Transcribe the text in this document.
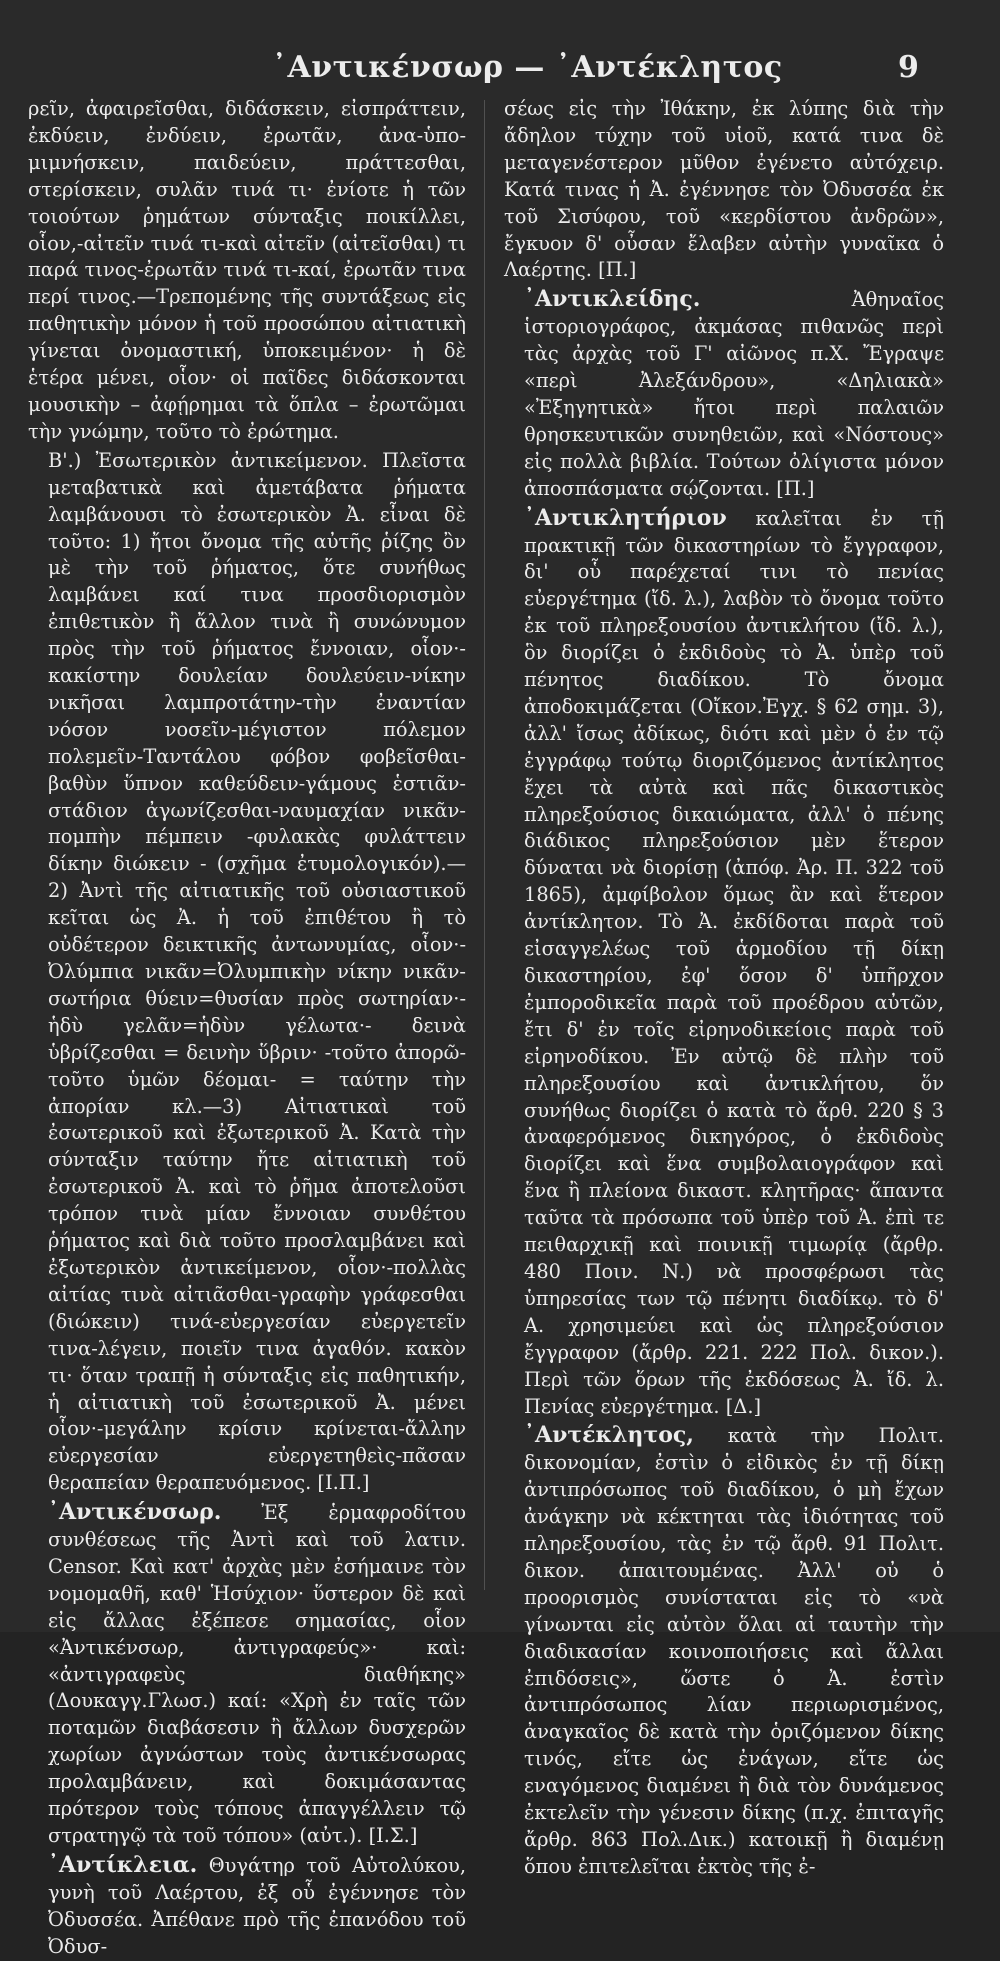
᾽Αντικένσωρ — ᾽Αντέκλητος	9

ρεῖν, ἀφαιρεῖσθαι, διδάσκειν, εἰσπράττειν, ἐκδύειν, ἐνδύειν, ἐρωτᾶν, ἀνα-ὑπο-μιμνήσκειν, παιδεύειν, πράττεσθαι, στερίσκειν, συλᾶν τινά τι· ἐνίοτε ἡ τῶν τοιούτων ῥημάτων σύνταξις ποικίλλει, οἷον,-αἰτεῖν τινά τι-καὶ αἰτεῖν (αἰτεῖσθαι) τι παρά τινος-ἐρωτᾶν τινά τι-καί, ἐρωτᾶν τινα περί τινος.—Τρεπομένης τῆς συντάξεως εἰς παθητικὴν μόνον ἡ τοῦ προσώπου αἰτιατικὴ γίνεται ὀνομαστική, ὑποκειμένον· ἡ δὲ ἑτέρα μένει, οἷον· οἱ παῖδες διδάσκονται μουσικὴν – ἀφῄρημαι τὰ ὅπλα – ἐρωτῶμαι τὴν γνώμην, τοῦτο τὸ ἐρώτημα.

Β'.) Ἐσωτερικὸν ἀντικείμενον. Πλεῖστα μεταβατικὰ καὶ ἀμετάβατα ῥήματα λαμβάνουσι τὸ ἐσωτερικὸν Ἀ. εἶναι δὲ τοῦτο: 1) ἤτοι ὄνομα τῆς αὐτῆς ῥίζης ὂν μὲ τὴν τοῦ ῥήματος, ὅτε συνήθως λαμβάνει καί τινα προσδιορισμὸν ἐπιθετικὸν ἢ ἄλλον τινὰ ἢ συνώνυμον πρὸς τὴν τοῦ ῥήματος ἔννοιαν, οἷον·-κακίστην δουλείαν δουλεύειν-νίκην νικῆσαι λαμπροτάτην-τὴν ἐναντίαν νόσον νοσεῖν-μέγιστον πόλεμον πολεμεῖν-Ταντάλου φόβον φοβεῖσθαι-βαθὺν ὕπνον καθεύδειν-γάμους ἑστιᾶν-στάδιον ἀγωνίζεσθαι-ναυμαχίαν νικᾶν-πομπὴν πέμπειν -φυλακὰς φυλάττειν δίκην διώκειν - (σχῆμα ἐτυμολογικόν).— 2) Ἀντὶ τῆς αἰτιατικῆς τοῦ οὐσιαστικοῦ κεῖται ὡς Ἀ. ἡ τοῦ ἐπιθέτου ἢ τὸ οὐδέτερον δεικτικῆς ἀντωνυμίας, οἷον·-Ὀλύμπια νικᾶν=Ὀλυμπικὴν νίκην νικᾶν-σωτήρια θύειν=θυσίαν πρὸς σωτηρίαν·-ἡδὺ γελᾶν=ἡδὺν γέλωτα·- δεινὰ ὑβρίζεσθαι = δεινὴν ὕβριν· -τοῦτο ἀπορῶ-τοῦτο ὑμῶν δέομαι- = ταύτην τὴν ἀπορίαν κλ.—3) Αἰτιατικαὶ τοῦ ἐσωτερικοῦ καὶ ἐξωτερικοῦ Ἀ. Κατὰ τὴν σύνταξιν ταύτην ἤτε αἰτιατικὴ τοῦ ἐσωτερικοῦ Ἀ. καὶ τὸ ῥῆμα ἀποτελοῦσι τρόπον τινὰ μίαν ἔννοιαν συνθέτου ῥήματος καὶ διὰ τοῦτο προσλαμβάνει καὶ ἐξωτερικὸν ἀντικείμενον, οἷον·-πολλὰς αἰτίας τινὰ αἰτιᾶσθαι-γραφὴν γράφεσθαι (διώκειν) τινά-εὐεργεσίαν εὐεργετεῖν τινα-λέγειν, ποιεῖν τινα ἀγαθόν. κακὸν τι· ὅταν τραπῇ ἡ σύνταξις εἰς παθητικήν, ἡ αἰτιατικὴ τοῦ ἐσωτερικοῦ Ἀ. μένει οἷον·-μεγάλην κρίσιν κρίνεται-ἄλλην εὐεργεσίαν εὐεργετηθεὶς-πᾶσαν θεραπείαν θεραπευόμενος. [Ι.Π.]

᾽Αντικένσωρ. Ἐξ ἑρμαφροδίτου συνθέσεως τῆς Ἀντὶ καὶ τοῦ λατιν. Censor. Καὶ κατ' ἀρχὰς μὲν ἐσήμαινε τὸν νομομαθῆ, καθ' Ἡσύχιον· ὕστερον δὲ καὶ εἰς ἄλλας ἐξέπεσε σημασίας, οἷον «Ἀντικένσωρ, ἀντιγραφεύς»· καὶ: «ἀντιγραφεὺς διαθήκης» (Δουκαγγ.Γλωσ.) καί: «Χρὴ ἐν ταῖς τῶν ποταμῶν διαβάσεσιν ἢ ἄλλων δυσχερῶν χωρίων ἀγνώστων τοὺς ἀντικένσωρας προλαμβάνειν, καὶ δοκιμάσαντας πρότερον τοὺς τόπους ἀπαγγέλλειν τῷ στρατηγῷ τὰ τοῦ τόπου» (αὐτ.). [Ι.Σ.]

᾽Αντίκλεια. Θυγάτηρ τοῦ Αὐτολύκου, γυνὴ τοῦ Λαέρτου, ἐξ οὗ ἐγέννησε τὸν Ὀδυσσέα. Ἀπέθανε πρὸ τῆς ἐπανόδου τοῦ Ὀδυσ-

σέως εἰς τὴν Ἰθάκην, ἐκ λύπης διὰ τὴν ἄδηλον τύχην τοῦ υἱοῦ, κατά τινα δὲ μεταγενέστερον μῦθον ἐγένετο αὐτόχειρ. Κατά τινας ἡ Ἀ. ἐγέννησε τὸν Ὀδυσσέα ἐκ τοῦ Σισύφου, τοῦ «κερδίστου ἀνδρῶν», ἔγκυον δ' οὖσαν ἔλαβεν αὐτὴν γυναῖκα ὁ Λαέρτης. [Π.]

᾽Αντικλείδης. Ἀθηναῖος ἱστοριογράφος, ἀκμάσας πιθανῶς περὶ τὰς ἀρχὰς τοῦ Γ' αἰῶνος π.Χ. Ἔγραψε «περὶ Ἀλεξάνδρου», «Δηλιακὰ» «Ἐξηγητικὰ» ἤτοι περὶ παλαιῶν θρησκευτικῶν συνηθειῶν, καὶ «Νόστους» εἰς πολλὰ βιβλία. Τούτων ὀλίγιστα μόνον ἀποσπάσματα σῴζονται. [Π.]

᾽Αντικλητήριον καλεῖται ἐν τῇ πρακτικῇ τῶν δικαστηρίων τὸ ἔγγραφον, δι' οὗ παρέχεταί τινι τὸ πενίας εὐεργέτημα (ἴδ. λ.), λαβὸν τὸ ὄνομα τοῦτο ἐκ τοῦ πληρεξουσίου ἀντικλήτου (ἴδ. λ.), ὃν διορίζει ὁ ἐκδιδοὺς τὸ Ἀ. ὑπὲρ τοῦ πένητος διαδίκου. Τὸ ὄνομα ἀποδοκιμάζεται (Οἴκον.Ἐγχ. § 62 σημ. 3), ἀλλ' ἴσως ἀδίκως, διότι καὶ μὲν ὁ ἐν τῷ ἐγγράφῳ τούτῳ διοριζόμενος ἀντίκλητος ἔχει τὰ αὐτὰ καὶ πᾶς δικαστικὸς πληρεξούσιος δικαιώματα, ἀλλ' ὁ πένης διάδικος πληρεξούσιον μὲν ἕτερον δύναται νὰ διορίσῃ (ἀπόφ. Ἀρ. Π. 322 τοῦ 1865), ἀμφίβολον ὅμως ἂν καὶ ἕτερον ἀντίκλητον. Τὸ Ἀ. ἐκδίδοται παρὰ τοῦ εἰσαγγελέως τοῦ ἁρμοδίου τῇ δίκῃ δικαστηρίου, ἐφ' ὅσον δ' ὑπῆρχον ἐμποροδικεῖα παρὰ τοῦ προέδρου αὐτῶν, ἔτι δ' ἐν τοῖς εἰρηνοδικείοις παρὰ τοῦ εἰρηνοδίκου. Ἐν αὐτῷ δὲ πλὴν τοῦ πληρεξουσίου καὶ ἀντικλήτου, ὅν συνήθως διορίζει ὁ κατὰ τὸ ἄρθ. 220 § 3 ἀναφερόμενος δικηγόρος, ὁ ἐκδιδοὺς διορίζει καὶ ἕνα συμβολαιογράφον καὶ ἕνα ἢ πλείονα δικαστ. κλητῆρας· ἅπαντα ταῦτα τὰ πρόσωπα τοῦ ὑπὲρ τοῦ Ἀ. ἐπὶ τε πειθαρχικῇ καὶ ποινικῇ τιμωρίᾳ (ἄρθρ. 480 Ποιν. Ν.) νὰ προσφέρωσι τὰς ὑπηρεσίας των τῷ πένητι διαδίκῳ. τὸ δ' Α. χρησιμεύει καὶ ὡς πληρεξούσιον ἔγγραφον (ἄρθρ. 221. 222 Πολ. δικον.). Περὶ τῶν ὅρων τῆς ἐκδόσεως Ἀ. ἴδ. λ. Πενίας εὐεργέτημα. [Δ.]

᾽Αντέκλητος, κατὰ τὴν Πολιτ. δικονομίαν, ἐστὶν ὁ εἰδικὸς ἐν τῇ δίκῃ ἀντιπρόσωπος τοῦ διαδίκου, ὁ μὴ ἔχων ἀνάγκην νὰ κέκτηται τὰς ἰδιότητας τοῦ πληρεξουσίου, τὰς ἐν τῷ ἄρθ. 91 Πολιτ. δικον. ἀπαιτουμένας. Ἀλλ' οὐ ὁ προορισμὸς συνίσταται εἰς τὸ «νὰ γίνωνται εἰς αὐτὸν ὅλαι αἱ ταυτὴν τὴν διαδικασίαν κοινοποιήσεις καὶ ἄλλαι ἐπιδόσεις», ὥστε ὁ Ἀ. ἐστὶν ἀντιπρόσωπος λίαν περιωρισμένος, ἀναγκαῖος δὲ κατὰ τὴν ὁριζόμενον δίκης τινός, εἴτε ὡς ἐνάγων, εἴτε ὡς εναγόμενος διαμένει ἢ διὰ τὸν δυνάμενος ἐκτελεῖν τὴν γένεσιν δίκης (π.χ. ἐπιταγῆς ἄρθρ. 863 Πολ.Δικ.) κατοικῇ ἢ διαμένῃ ὅπου ἐπιτελεῖται ἐκτὸς τῆς ἐ-
